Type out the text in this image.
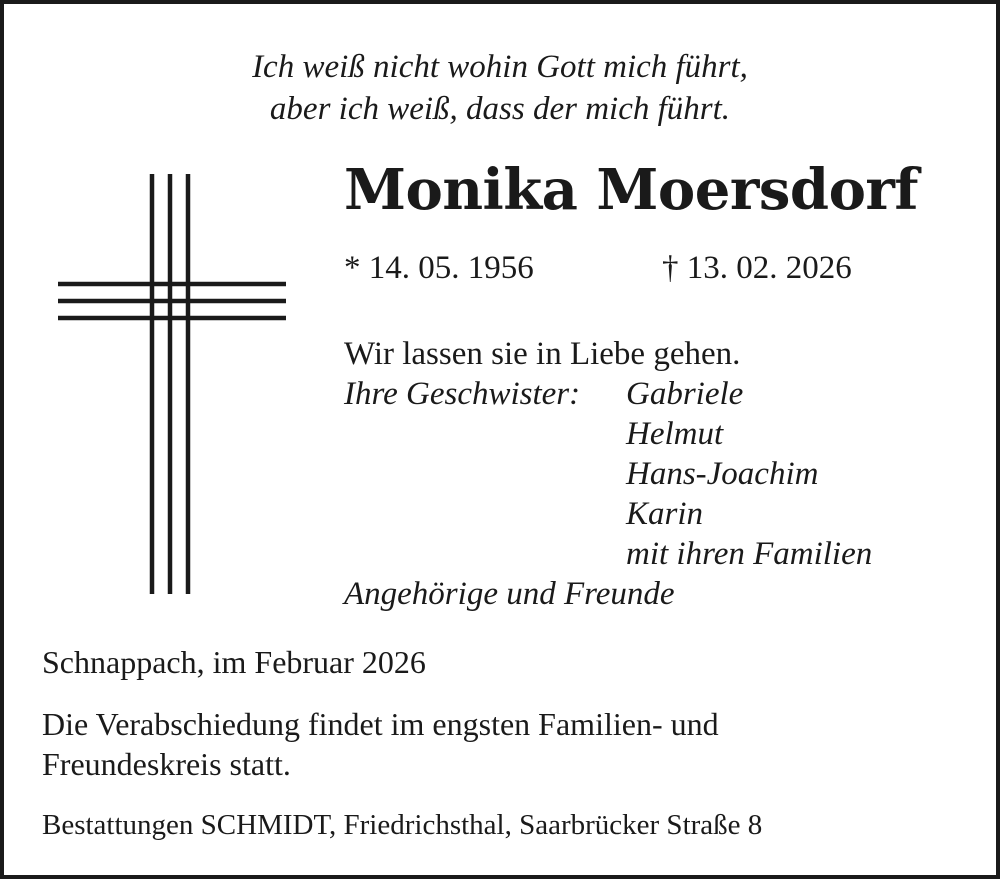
Ich weiß nicht wohin Gott mich führt,
aber ich weiß, dass der mich führt.
Monika Moersdorf
* 14. 05. 1956	† 13. 02. 2026
Wir lassen sie in Liebe gehen.
Ihre Geschwister: Gabriele
Helmut
Hans-Joachim
Karin
mit ihren Familien
Angehörige und Freunde
Schnappach, im Februar 2026
Die Verabschiedung findet im engsten Familien- und
Freundeskreis statt.
Bestattungen SCHMIDT, Friedrichsthal, Saarbrücker Straße 8
